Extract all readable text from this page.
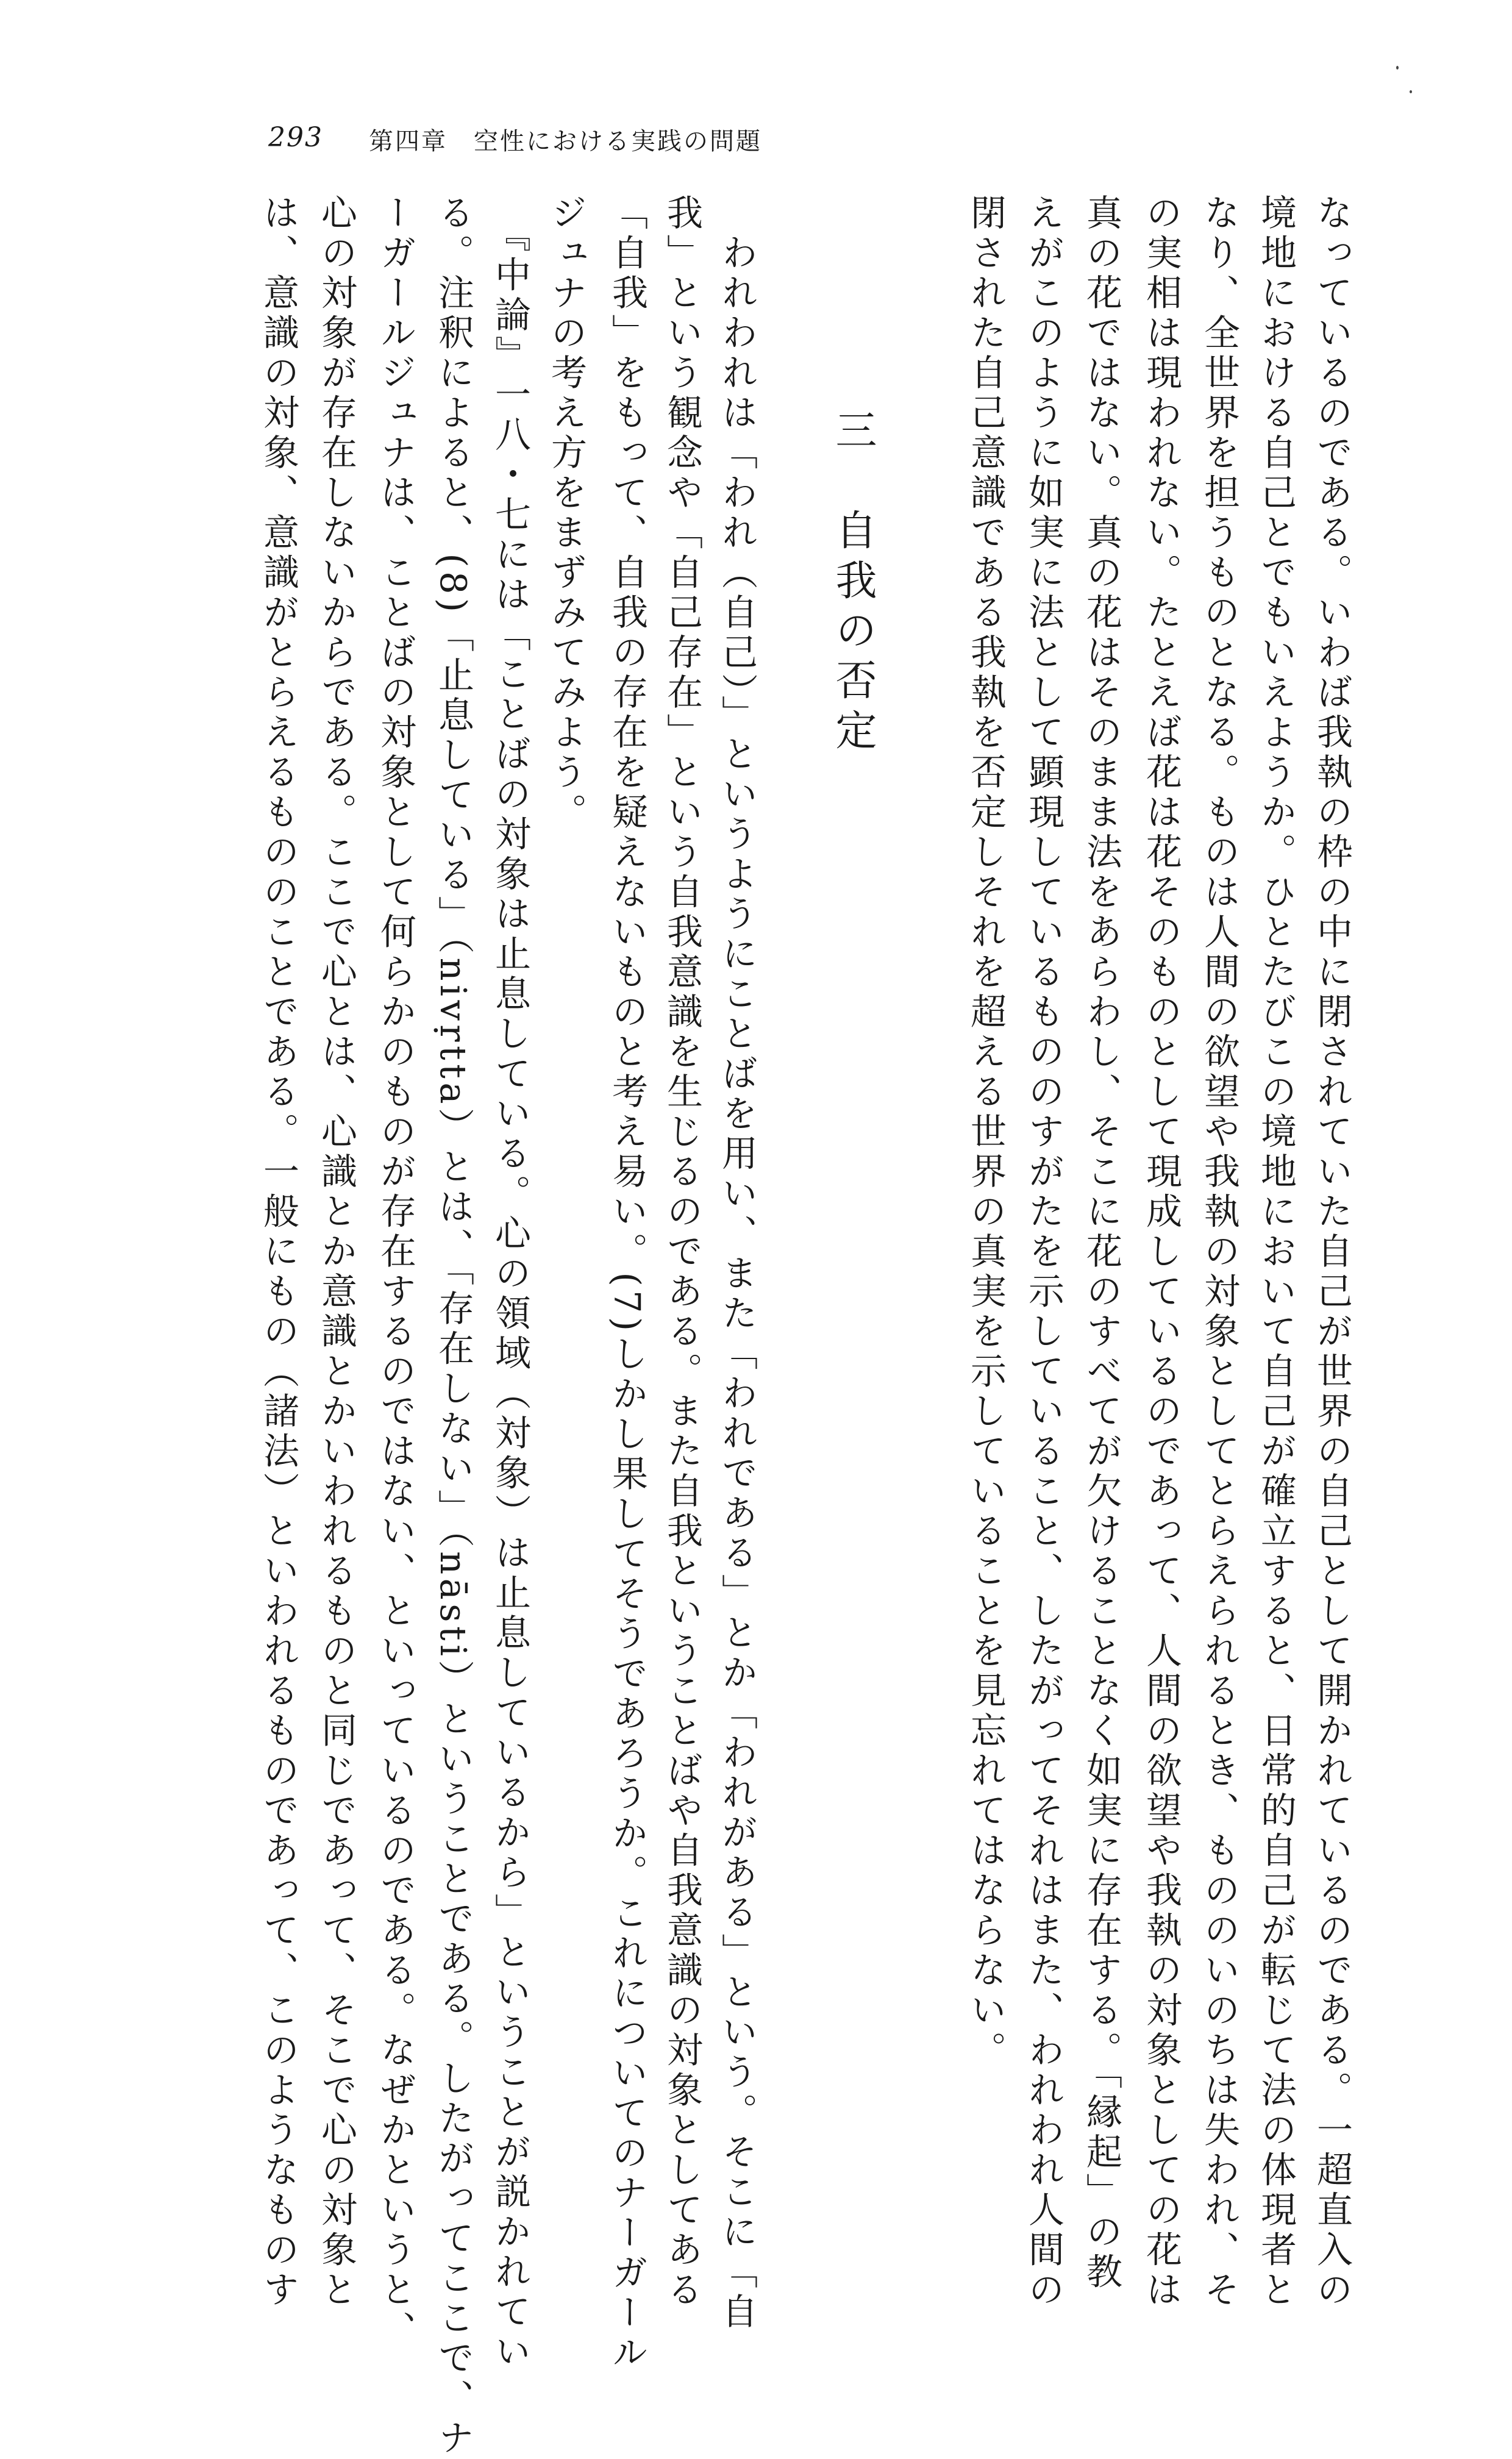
293 第四章　空性における実践の問題
なっているのである。いわば我執の枠の中に閉されていた自己が世界の自己として開かれているのである。一超直入の
境地における自己とでもいえようか。ひとたびこの境地において自己が確立すると、日常的自己が転じて法の体現者と
なり、全世界を担うものとなる。ものは人間の欲望や我執の対象としてとらえられるとき、もののいのちは失われ、そ
の実相は現われない。たとえば花は花そのものとして現成しているのであって、人間の欲望や我執の対象としての花は
真の花ではない。真の花はそのまま法をあらわし、そこに花のすべてが欠けることなく如実に存在する。「縁起」の教
えがこのように如実に法として顕現しているもののすがたを示していること、したがってそれはまた、われわれ人間の
閉された自己意識である我執を否定しそれを超える世界の真実を示していることを見忘れてはならない。
三　自我の否定
　われわれは「われ（自己）」というようにことばを用い、また「われである」とか「われがある」という。そこに「自
我」という観念や「自己存在」という自我意識を生じるのである。また自我ということばや自我意識の対象としてある
「自我」をもって、自我の存在を疑えないものと考え易い。(7)しかし果してそうであろうか。これについてのナーガール
ジュナの考え方をまずみてみよう。
　『中論』一八・七には「ことばの対象は止息している。心の領域（対象）は止息しているから」ということが説かれてい
る。注釈によると、(8)「止息している」（nivṛtta）とは、「存在しない」（nāsti）ということである。したがってここで、ナ
ーガールジュナは、ことばの対象として何らかのものが存在するのではない、といっているのである。なぜかというと、
心の対象が存在しないからである。ここで心とは、心識とか意識とかいわれるものと同じであって、そこで心の対象と
は、意識の対象、意識がとらえるもののことである。一般にもの（諸法）といわれるものであって、このようなものす
